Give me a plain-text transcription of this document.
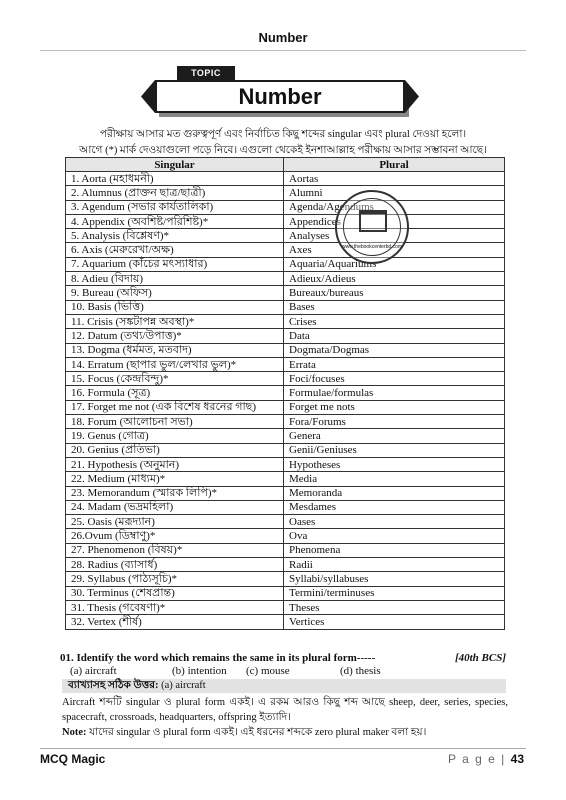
Number
TOPIC
Number
পরীক্ষায় আসার মত গুরুত্বপূর্ণ এবং নির্বাচিত কিছু শব্দের singular এবং plural দেওয়া হলো।
আগে (*) মার্ক দেওয়াগুলো পড়ে নিবে। এগুলো থেকেই ইনশাআল্লাহ পরীক্ষায় আসার সম্ভাবনা আছে।
Singular	Plural
1. Aorta (মহাধমনী)	Aortas
2. Alumnus (প্রাক্তন ছাত্র/ছাত্রী)	Alumni
3. Agendum (সভার কার্যতালিকা)	Agenda/Agendums
4. Appendix (অবশিষ্ট/পরিশিষ্ট)*	Appendices
5. Analysis (বিশ্লেষণ)*	Analyses
6. Axis (মেরুরেখা/অক্ষ)	Axes
7. Aquarium (কাঁচের মৎস্যাধার)	Aquaria/Aquariums
8. Adieu (বিদায়)	Adieux/Adieus
9. Bureau (অফিস)	Bureaux/bureaus
10. Basis (ভিত্তি)	Bases
11. Crisis (সঙ্কটাপন্ন অবস্থা)*	Crises
12. Datum (তথ্য/উপাত্ত)*	Data
13. Dogma (ধর্মমত, মতবাদ)	Dogmata/Dogmas
14. Erratum (ছাপার ভুল/লেখার ভুল)*	Errata
15. Focus (কেন্দ্রবিন্দু)*	Foci/focuses
16. Formula (সূত্র)	Formulae/formulas
17. Forget me not (এক বিশেষ ধরনের গাছ)	Forget me nots
18. Forum (আলোচনা সভা)	Fora/Forums
19. Genus (গোত্র)	Genera
20. Genius (প্রতিভা)	Genii/Geniuses
21. Hypothesis (অনুমান)	Hypotheses
22. Medium (মাধ্যম)*	Media
23. Memorandum (স্মারক লিপি)*	Memoranda
24. Madam (ভদ্রমহিলা)	Mesdames
25. Oasis (মরূদ্যান)	Oases
26.Ovum (ডিম্বাণু)*	Ova
27. Phenomenon (বিষয়)*	Phenomena
28. Radius (ব্যাসার্ধ)	Radii
29. Syllabus (পাঠ্যসূচি)*	Syllabi/syllabuses
30. Terminus (শেষপ্রান্ত)	Termini/terminuses
31. Thesis (গবেষণা)*	Theses
32. Vertex (শীর্ষ)	Vertices
www.thebookcenterbd.com
01. Identify the word which remains the same in its plural form-----	[40th BCS]
(a) aircraft	(b) intention (c) mouse	(d) thesis
ব্যাখ্যাসহ সঠিক উত্তর: (a) aircraft
Aircraft শব্দটি singular ও plural form একই। এ রকম আরও কিছু শব্দ আছে sheep, deer, series, species, spacecraft, crossroads, headquarters, offspring ইত্যাদি।
Note: যাদের singular ও plural form একই। এই ধরনের শব্দকে zero plural maker বলা হয়।
MCQ Magic	P a g e | 43
